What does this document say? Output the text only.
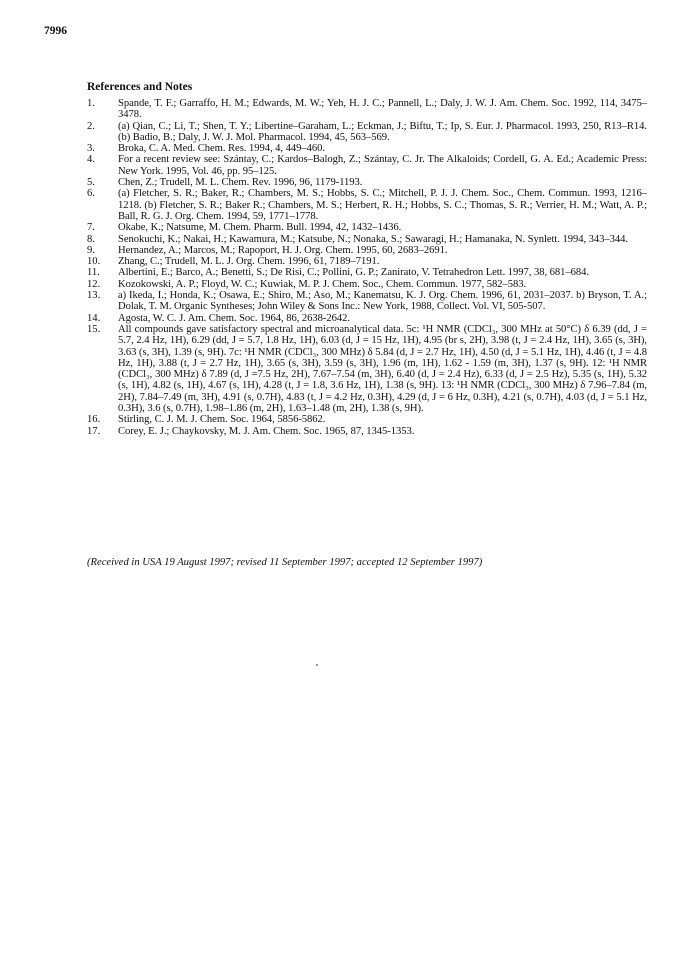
7996
References and Notes
1.	Spande, T. F.; Garraffo, H. M.; Edwards, M. W.; Yeh, H. J. C.; Pannell, L.; Daly, J. W. J. Am. Chem. Soc. 1992, 114, 3475–3478.
2.	(a) Qian, C.; Li, T.; Shen, T. Y.; Libertine–Garaham, L.; Eckman, J.; Biftu, T.; Ip, S. Eur. J. Pharmacol. 1993, 250, R13–R14. (b) Badio, B.; Daly, J. W. J. Mol. Pharmacol. 1994, 45, 563–569.
3.	Broka, C. A. Med. Chem. Res. 1994, 4, 449–460.
4.	For a recent review see: Szántay, C.; Kardos–Balogh, Z.; Szántay, C. Jr. The Alkaloids; Cordell, G. A. Ed.; Academic Press: New York. 1995, Vol. 46, pp. 95–125.
5.	Chen, Z.; Trudell, M. L. Chem. Rev. 1996, 96, 1179-1193.
6.	(a) Fletcher, S. R.; Baker, R.; Chambers, M. S.; Hobbs, S. C.; Mitchell, P. J. J. Chem. Soc., Chem. Commun. 1993, 1216–1218. (b) Fletcher, S. R.; Baker R.; Chambers, M. S.; Herbert, R. H.; Hobbs, S. C.; Thomas, S. R.; Verrier, H. M.; Watt, A. P.; Ball, R. G. J. Org. Chem. 1994, 59, 1771–1778.
7.	Okabe, K.; Natsume, M. Chem. Pharm. Bull. 1994, 42, 1432–1436.
8.	Senokuchi, K.; Nakai, H.; Kawamura, M.; Katsube, N.; Nonaka, S.; Sawaragi, H.; Hamanaka, N. Synlett. 1994, 343–344.
9.	Hernandez, A.; Marcos, M.; Rapoport, H. J. Org. Chem. 1995, 60, 2683–2691.
10.	Zhang, C.; Trudell, M. L. J. Org. Chem. 1996, 61, 7189–7191.
11.	Albertini, E.; Barco, A.; Benetti, S.; De Risi, C.; Pollini, G. P.; Zanirato, V. Tetrahedron Lett. 1997, 38, 681–684.
12.	Kozokowski, A. P.; Floyd, W. C.; Kuwiak, M. P. J. Chem. Soc., Chem. Commun. 1977, 582–583.
13.	a) Ikeda, I.; Honda, K.; Osawa, E.; Shiro, M.; Aso, M.; Kanematsu, K. J. Org. Chem. 1996, 61, 2031–2037. b) Bryson, T. A.; Dolak, T. M. Organic Syntheses; John Wiley & Sons Inc.: New York, 1988, Collect. Vol. VI, 505-507.
14.	Agosta, W. C. J. Am. Chem. Soc. 1964, 86, 2638-2642.
15.	All compounds gave satisfactory spectral and microanalytical data. 5c: ¹H NMR (CDCl₃, 300 MHz at 50°C) δ 6.39 (dd, J = 5.7, 2.4 Hz, 1H), 6.29 (dd, J = 5.7, 1.8 Hz, 1H), 6.03 (d, J = 15 Hz, 1H), 4.95 (br s, 2H), 3.98 (t, J = 2.4 Hz, 1H), 3.65 (s, 3H), 3.63 (s, 3H), 1.39 (s, 9H). 7c: ¹H NMR (CDCl₃, 300 MHz) δ 5.84 (d, J = 2.7 Hz, 1H), 4.50 (d, J = 5.1 Hz, 1H), 4.46 (t, J = 4.8 Hz, 1H), 3.88 (t, J = 2.7 Hz, 1H), 3.65 (s, 3H), 3.59 (s, 3H), 1.96 (m, 1H), 1.62 - 1.59 (m, 3H), 1.37 (s, 9H). 12: ¹H NMR (CDCl₃, 300 MHz) δ 7.89 (d, J =7.5 Hz, 2H), 7.67–7.54 (m, 3H), 6.40 (d, J = 2.4 Hz), 6.33 (d, J = 2.5 Hz), 5.35 (s, 1H), 5.32 (s, 1H), 4.82 (s, 1H), 4.67 (s, 1H), 4.28 (t, J = 1.8, 3.6 Hz, 1H), 1.38 (s, 9H). 13: ¹H NMR (CDCl₃, 300 MHz) δ 7.96–7.84 (m, 2H), 7.84–7.49 (m, 3H), 4.91 (s, 0.7H), 4.83 (t, J = 4.2 Hz, 0.3H), 4.29 (d, J = 6 Hz, 0.3H), 4.21 (s, 0.7H), 4.03 (d, J = 5.1 Hz, 0.3H), 3.6 (s, 0.7H), 1.98–1.86 (m, 2H), 1.63–1.48 (m, 2H), 1.38 (s, 9H).
16.	Stirling, C. J. M. J. Chem. Soc. 1964, 5856-5862.
17.	Corey, E. J.; Chaykovsky, M. J. Am. Chem. Soc. 1965, 87, 1345-1353.
(Received in USA 19 August 1997; revised 11 September 1997; accepted 12 September 1997)
